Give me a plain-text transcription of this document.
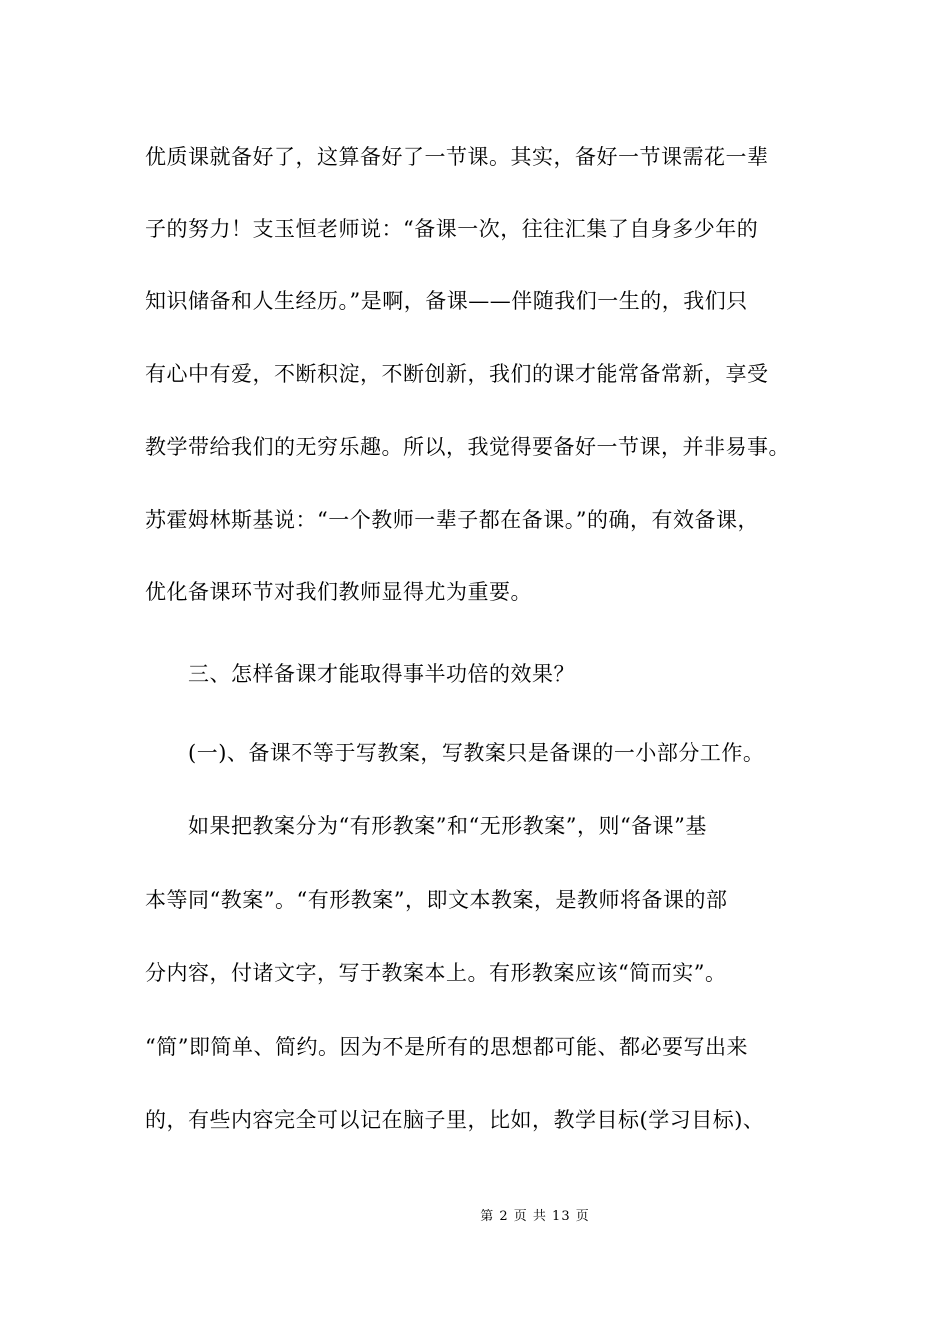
优质课就备好了，这算备好了一节课。其实，备好一节课需花一辈
子的努力！支玉恒老师说：“备课一次，往往汇集了自身多少年的
知识储备和人生经历。”是啊，备课——伴随我们一生的，我们只
有心中有爱，不断积淀，不断创新，我们的课才能常备常新，享受
教学带给我们的无穷乐趣。所以，我觉得要备好一节课，并非易事。
苏霍姆林斯基说：“一个教师一辈子都在备课。”的确，有效备课，
优化备课环节对我们教师显得尤为重要。
三、怎样备课才能取得事半功倍的效果？
(一)、备课不等于写教案，写教案只是备课的一小部分工作。
如果把教案分为“有形教案”和“无形教案”，则“备课”基
本等同“教案”。“有形教案”，即文本教案，是教师将备课的部
分内容，付诸文字，写于教案本上。有形教案应该“简而实”。
“简”即简单、简约。因为不是所有的思想都可能、都必要写出来
的，有些内容完全可以记在脑子里，比如，教学目标(学习目标)、
第 2 页 共 13 页
